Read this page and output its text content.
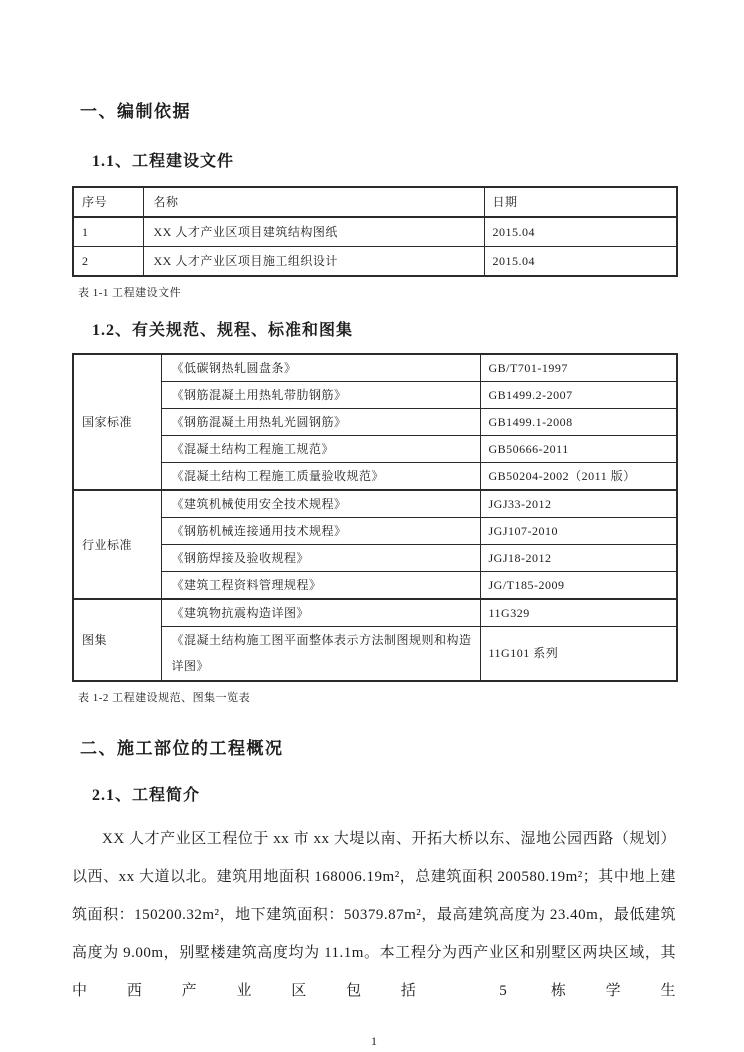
一、编制依据
1.1、工程建设文件
序号	名称	日期
1	XX 人才产业区项目建筑结构图纸	2015.04
2	XX 人才产业区项目施工组织设计	2015.04
表 1-1 工程建设文件
1.2、有关规范、规程、标准和图集
国家标准	《低碳钢热轧圆盘条》	GB/T701-1997
	《钢筋混凝土用热轧带肋钢筋》	GB1499.2-2007
	《钢筋混凝土用热轧光圆钢筋》	GB1499.1-2008
	《混凝土结构工程施工规范》	GB50666-2011
	《混凝土结构工程施工质量验收规范》	GB50204-2002（2011 版）
行业标准	《建筑机械使用安全技术规程》	JGJ33-2012
	《钢筋机械连接通用技术规程》	JGJ107-2010
	《钢筋焊接及验收规程》	JGJ18-2012
	《建筑工程资料管理规程》	JG/T185-2009
图集	《建筑物抗震构造详图》	11G329
	《混凝土结构施工图平面整体表示方法制图规则和构造详图》	11G101 系列
表 1-2 工程建设规范、图集一览表
二、施工部位的工程概况
2.1、工程简介

XX 人才产业区工程位于 xx 市 xx 大堤以南、开拓大桥以东、湿地公园西路（规划）以西、xx 大道以北。建筑用地面积 168006.19m²，总建筑面积 200580.19m²；其中地上建筑面积：150200.32m²，地下建筑面积：50379.87m²，最高建筑高度为 23.40m，最低建筑高度为 9.00m，别墅楼建筑高度均为 11.1m。本工程分为西产业区和别墅区两块区域，其中西产业区包括 5 栋学生

1
